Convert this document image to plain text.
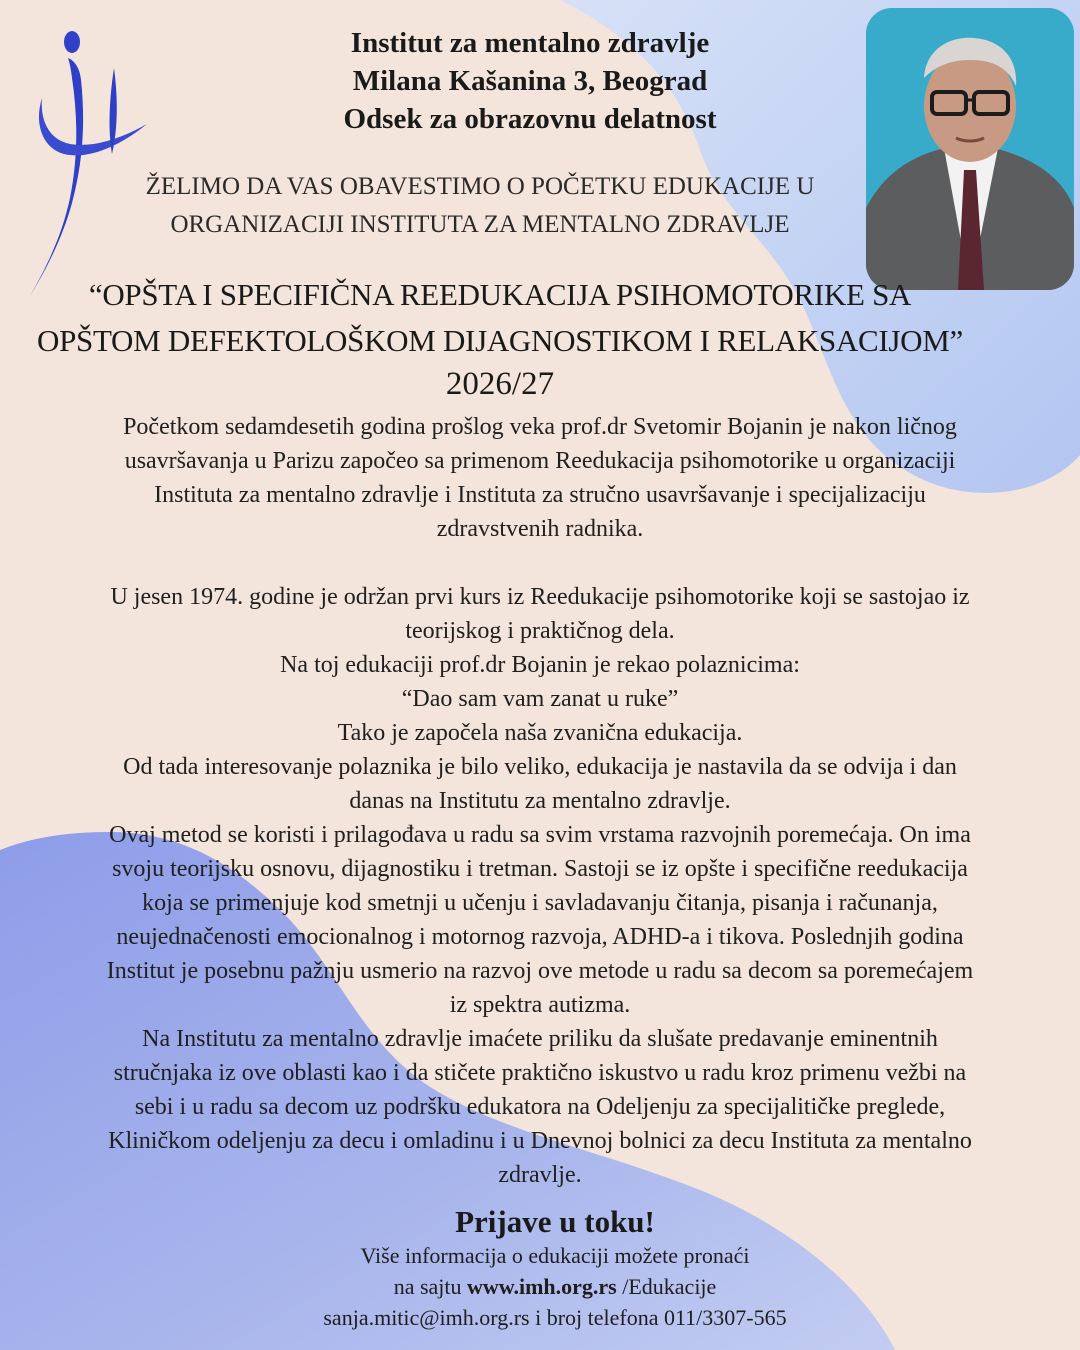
Institut za mentalno zdravlje
Milana Kašanina 3, Beograd
Odsek za obrazovnu delatnost
ŽELIMO DA VAS OBAVESTIMO O POČETKU EDUKACIJE U
ORGANIZACIJI INSTITUTA ZA MENTALNO ZDRAVLJE
“OPŠTA I SPECIFIČNA REEDUKACIJA PSIHOMOTORIKE SA
OPŠTOM DEFEKTOLOŠKOM DIJAGNOSTIKOM I RELAKSACIJOM”
2026/27

Početkom sedamdesetih godina prošlog veka prof.dr Svetomir Bojanin je nakon ličnog
usavršavanja u Parizu započeo sa primenom Reedukacija psihomotorike u organizaciji
Instituta za mentalno zdravlje i Instituta za stručno usavršavanje i specijalizaciju
zdravstvenih radnika.

U jesen 1974. godine je održan prvi kurs iz Reedukacije psihomotorike koji se sastojao iz
teorijskog i praktičnog dela.
Na toj edukaciji prof.dr Bojanin je rekao polaznicima:
“Dao sam vam zanat u ruke”
Tako je započela naša zvanična edukacija.
Od tada interesovanje polaznika je bilo veliko, edukacija je nastavila da se odvija i dan
danas na Institutu za mentalno zdravlje.
Ovaj metod se koristi i prilagođava u radu sa svim vrstama razvojnih poremećaja. On ima
svoju teorijsku osnovu, dijagnostiku i tretman. Sastoji se iz opšte i specifične reedukacija
koja se primenjuje kod smetnji u učenju i savladavanju čitanja, pisanja i računanja,
neujednačenosti emocionalnog i motornog razvoja, ADHD-a i tikova. Poslednjih godina
Institut je posebnu pažnju usmerio na razvoj ove metode u radu sa decom sa poremećajem
iz spektra autizma.
Na Institutu za mentalno zdravlje imaćete priliku da slušate predavanje eminentnih
stručnjaka iz ove oblasti kao i da stičete praktično iskustvo u radu kroz primenu vežbi na
sebi i u radu sa decom uz podršku edukatora na Odeljenju za specijalitičke preglede,
Kliničkom odeljenju za decu i omladinu i u Dnevnoj bolnici za decu Instituta za mentalno
zdravlje.

Prijave u toku!
Više informacija o edukaciji možete pronaći
na sajtu www.imh.org.rs /Edukacije
sanja.mitic@imh.org.rs i broj telefona 011/3307-565
